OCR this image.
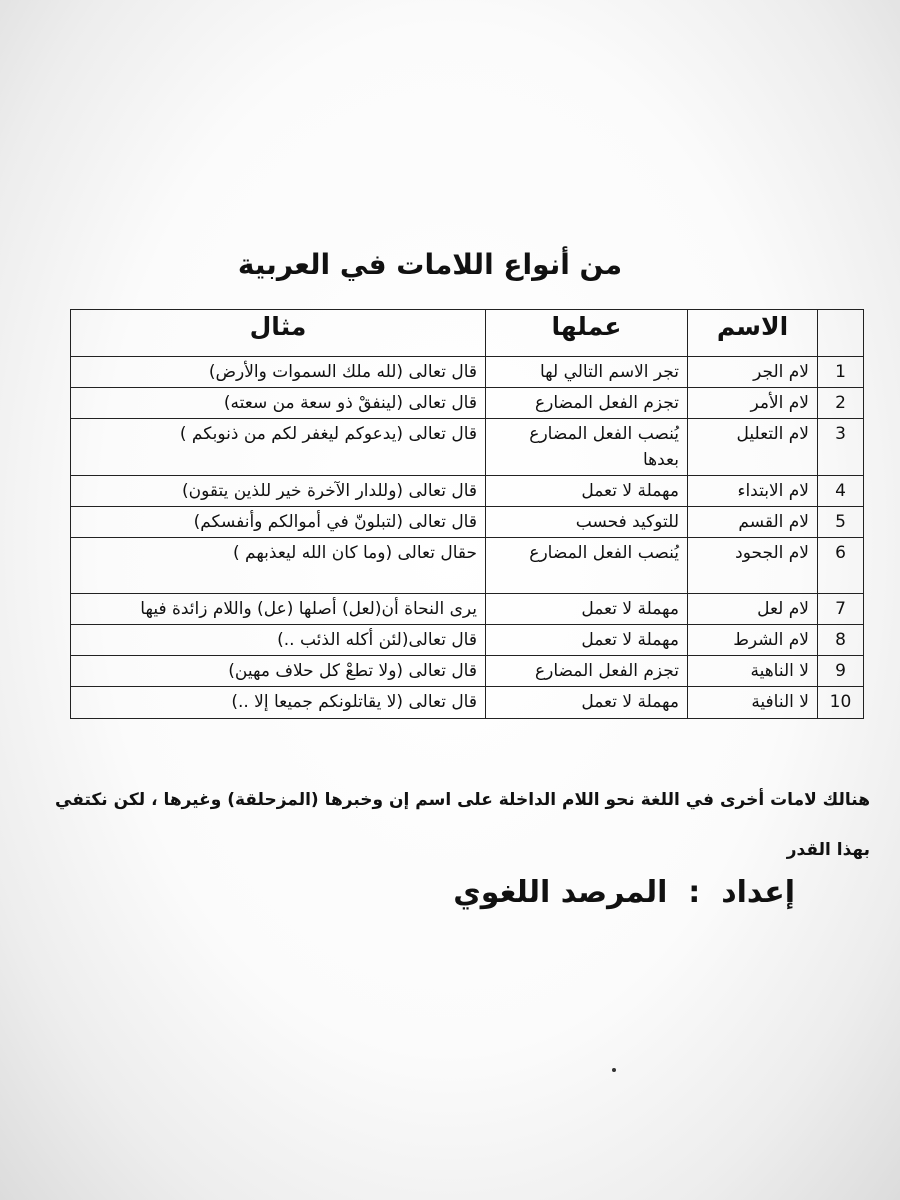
من أنواع اللامات في العربية
	الاسم	عملها	مثال
1	لام الجر	تجر الاسم التالي لها	قال تعالى (لله ملك السموات والأرض)
2	لام الأمر	تجزم الفعل المضارع	قال تعالى (لينفقْ ذو سعة من سعته)
3	لام التعليل	يُنصب الفعل المضارع بعدها	قال تعالى (يدعوكم ليغفر لكم من ذنوبكم )
4	لام الابتداء	مهملة لا تعمل	قال تعالى (وللدار الآخرة خير للذين يتقون)
5	لام القسم	للتوكيد فحسب	قال تعالى (لتبلونّ في أموالكم وأنفسكم)
6	لام الجحود	يُنصب الفعل المضارع	حقال تعالى (وما كان الله ليعذبهم )
7	لام لعل	مهملة لا تعمل	يرى النحاة أن(لعل) أصلها (عل) واللام زائدة فيها
8	لام الشرط	مهملة لا تعمل	قال تعالى(لئن أكله الذئب ..)
9	لا الناهية	تجزم الفعل المضارع	قال تعالى (ولا تطعْ كل حلاف مهين)
10	لا النافية	مهملة لا تعمل	قال تعالى (لا يقاتلونكم جميعا إلا ..)
هنالك لامات أخرى في اللغة نحو اللام الداخلة على اسم إن وخبرها (المزحلقة) وغيرها ، لكن نكتفي بهذا القدر
إعداد  :  المرصد اللغوي
